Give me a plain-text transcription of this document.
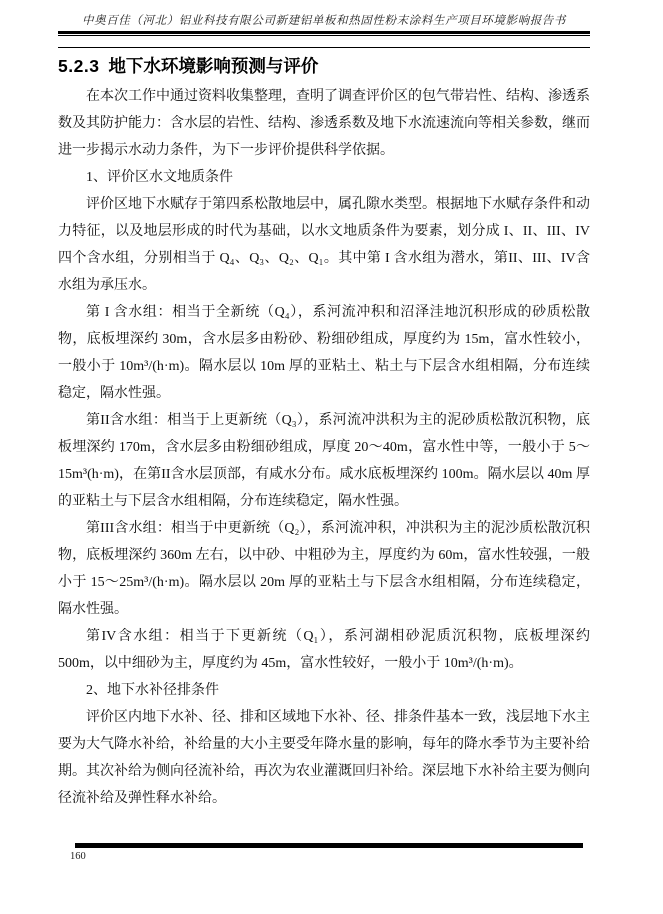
中奥百佳（河北）铝业科技有限公司新建铝单板和热固性粉末涂料生产项目环境影响报告书
5.2.3 地下水环境影响预测与评价

在本次工作中通过资料收集整理，查明了调查评价区的包气带岩性、结构、渗透系数及其防护能力：含水层的岩性、结构、渗透系数及地下水流速流向等相关参数，继而进一步揭示水动力条件，为下一步评价提供科学依据。

1、评价区水文地质条件

评价区地下水赋存于第四系松散地层中，属孔隙水类型。根据地下水赋存条件和动力特征，以及地层形成的时代为基础，以水文地质条件为要素，划分成 I、II、III、IV 四个含水组，分别相当于 Q₄、Q₃、Q₂、Q₁。其中第 I 含水组为潜水，第II、III、IV含水组为承压水。

第 I 含水组：相当于全新统（Q₄），系河流冲积和沼泽洼地沉积形成的砂质松散物，底板埋深约 30m，含水层多由粉砂、粉细砂组成，厚度约为 15m，富水性较小，一般小于 10m³/(h·m)。隔水层以 10m 厚的亚粘土、粘土与下层含水组相隔，分布连续稳定，隔水性强。

第II含水组：相当于上更新统（Q₃），系河流冲洪积为主的泥砂质松散沉积物，底板埋深约 170m，含水层多由粉细砂组成，厚度 20～40m，富水性中等，一般小于 5～15m³(h·m)，在第II含水层顶部，有咸水分布。咸水底板埋深约 100m。隔水层以 40m 厚的亚粘土与下层含水组相隔，分布连续稳定，隔水性强。

第III含水组：相当于中更新统（Q₂），系河流冲积，冲洪积为主的泥沙质松散沉积物，底板埋深约 360m 左右，以中砂、中粗砂为主，厚度约为 60m，富水性较强，一般小于 15～25m³/(h·m)。隔水层以 20m 厚的亚粘土与下层含水组相隔，分布连续稳定，隔水性强。

第IV含水组：相当于下更新统（Q₁），系河湖相砂泥质沉积物，底板埋深约 500m，以中细砂为主，厚度约为 45m，富水性较好，一般小于 10m³/(h·m)。

2、地下水补径排条件

评价区内地下水补、径、排和区域地下水补、径、排条件基本一致，浅层地下水主要为大气降水补给，补给量的大小主要受年降水量的影响，每年的降水季节为主要补给期。其次补给为侧向径流补给，再次为农业灌溉回归补给。深层地下水补给主要为侧向径流补给及弹性释水补给。

160
